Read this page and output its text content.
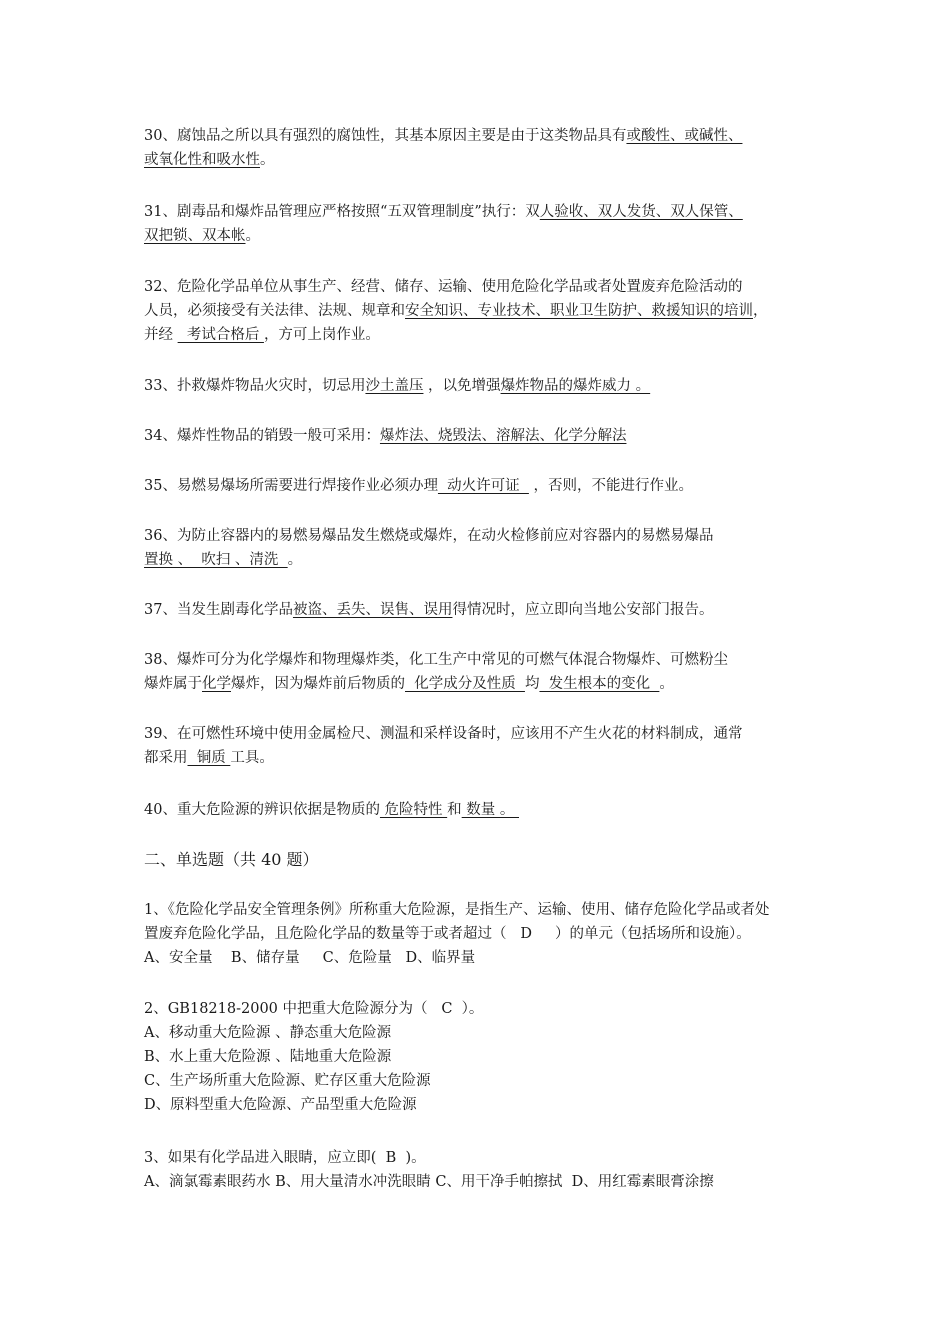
30、腐蚀品之所以具有强烈的腐蚀性，其基本原因主要是由于这类物品具有或酸性、或碱性、
或氧化性和吸水性。
31、剧毒品和爆炸品管理应严格按照“五双管理制度”执行：双人验收、双人发货、双人保管、
双把锁、双本帐。
32、危险化学品单位从事生产、经营、储存、运输、使用危险化学品或者处置废弃危险活动的
人员，必须接受有关法律、法规、规章和安全知识、专业技术、职业卫生防护、救援知识的培训，
并经   考试合格后 ，方可上岗作业。
33、扑救爆炸物品火灾时，切忌用沙土盖压 ，以免增强爆炸物品的爆炸威力 。
34、爆炸性物品的销毁一般可采用：爆炸法、烧毁法、溶解法、化学分解法
35、易燃易爆场所需要进行焊接作业必须办理  动火许可证   ，否则，不能进行作业。
36、为防止容器内的易燃易爆品发生燃烧或爆炸，在动火检修前应对容器内的易燃易爆品
置换 、  吹扫 、清洗  。
37、当发生剧毒化学品被盗、丢失、误售、误用得情况时，应立即向当地公安部门报告。
38、爆炸可分为化学爆炸和物理爆炸类，化工生产中常见的可燃气体混合物爆炸、可燃粉尘
爆炸属于化学爆炸，因为爆炸前后物质的  化学成分及性质  均  发生根本的变化  。
39、在可燃性环境中使用金属检尺、测温和采样设备时，应该用不产生火花的材料制成，通常
都采用  铜质 工具。
40、重大危险源的辨识依据是物质的 危险特性 和 数量 。
二、单选题（共 40 题）
1、《危险化学品安全管理条例》所称重大危险源，是指生产、运输、使用、储存危险化学品或者处
置废弃危险化学品，且危险化学品的数量等于或者超过（   D     ）的单元（包括场所和设施）。
A、安全量    B、储存量     C、危险量   D、临界量
2、GB18218-2000 中把重大危险源分为（   C  ）。
A、移动重大危险源 、静态重大危险源
B、水上重大危险源 、陆地重大危险源
C、生产场所重大危险源、贮存区重大危险源
D、原料型重大危险源、产品型重大危险源
3、如果有化学品进入眼睛，应立即(  B  )。
A、滴氯霉素眼药水 B、用大量清水冲洗眼睛 C、用干净手帕擦拭  D、用红霉素眼膏涂擦
